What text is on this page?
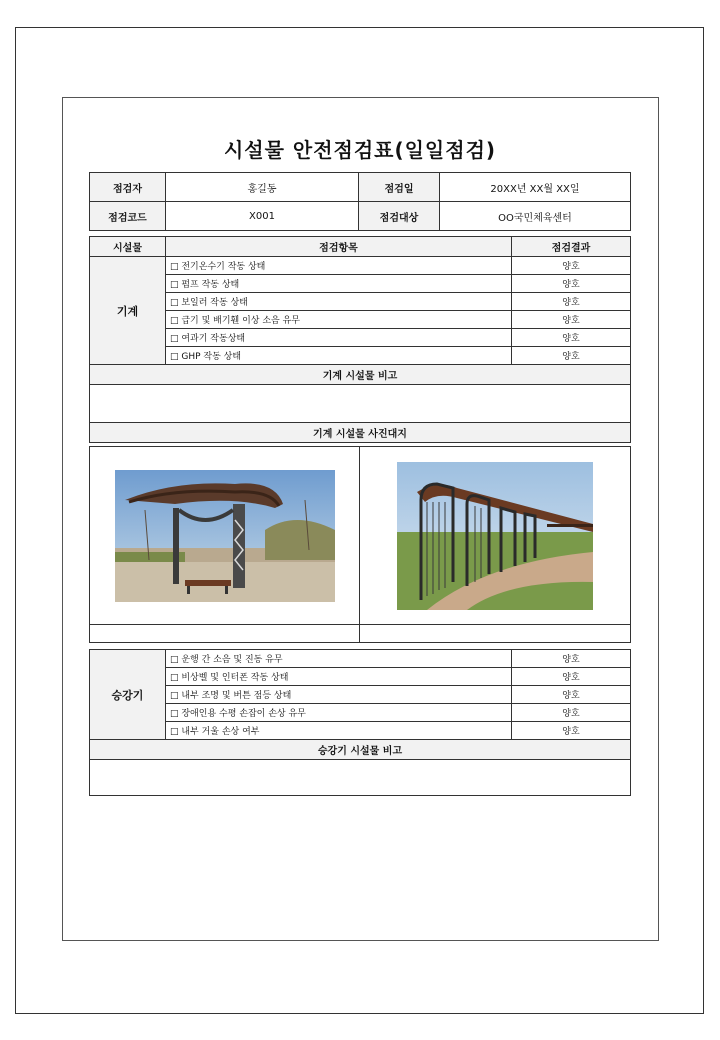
시설물 안전점검표(일일점검)
점검자	홍길동	점검일	20XX년 XX월 XX일
점검코드	X001	점검대상	OO국민체육센터
시설물	점검항목	점검결과
기계	□ 전기온수기 작동 상태	양호
	□ 펌프 작동 상태	양호
	□ 보일러 작동 상태	양호
	□ 급기 및 배기휀 이상 소음 유무	양호
	□ 여과기 작동상태	양호
	□ GHP 작동 상태	양호
기계 시설물 비고		

기계 시설물 사진대지		

승강기	□ 운행 간 소음 및 진동 유무	양호
	□ 비상벨 및 인터폰 작동 상태	양호
	□ 내부 조명 및 버튼 점등 상태	양호
	□ 장애인용 수평 손잡이 손상 유무	양호
	□ 내부 거울 손상 여부	양호
승강기 시설물 비고		
